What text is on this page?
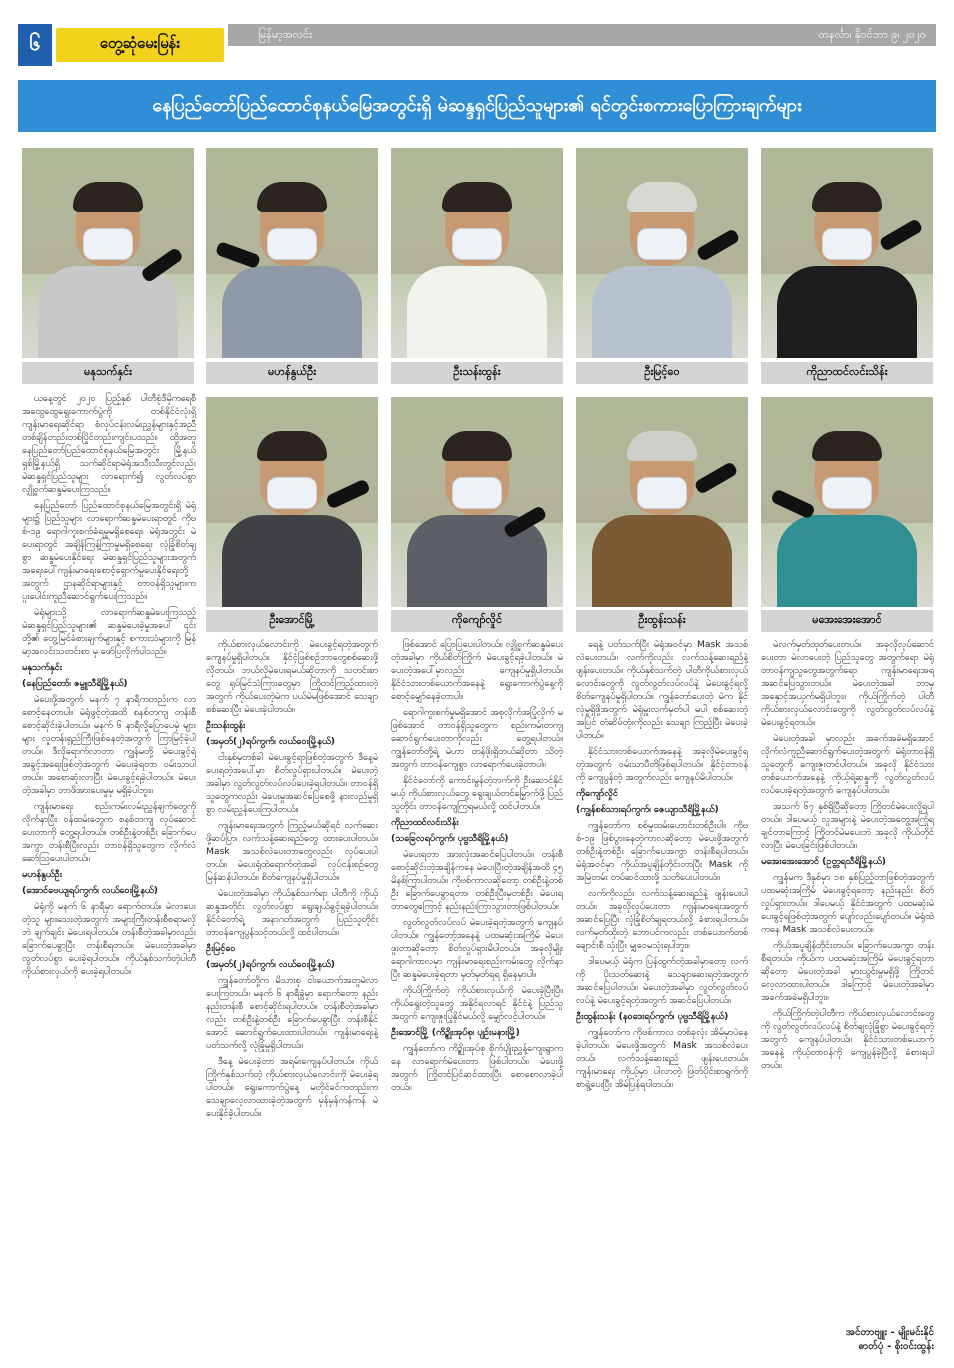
၆	တွေ့ဆုံမေးမြန်း	မြန်မာ့အလင်း	တနင်္လာ၊ နိုဝင်ဘာ ၉၊ ၂၀၂၀
နေပြည်တော်ပြည်ထောင်စုနယ်မြေအတွင်းရှိ မဲဆန္ဒရှင်ပြည်သူများ၏ ရင်တွင်းစကားပြောကြားချက်များ
မနုသက်နှင်း	မဟန်နွယ်ဦး	ဦးသန်းထွန်း	ဦးမြင့်ဝေ	ကိုညာထင်လင်းသိန်း
ဦးအောင်မြို့	ကိုကျော်လှိုင်	ဦးထွန်းသန်း	မအေးအေးအောင်

ယနေ့တွင် ၂၀၂၀ ပြည့်နှစ် ပါတီစုံဒီမိုကရေစီ အထွေထွေရွေးကောက်ပွဲကို တစ်နိုင်ငံလုံးရှိ ကျန်းမာရေးဆိုင်ရာ စံလုပ်ငန်းလမ်းညွှန်များနှင့်အညီ တစ်ချိန်တည်းတစ်ပြိုင်တည်းကျင်းပသည်။ ထို့အတူ နေပြည်တော်ပြည်ထောင်စုနယ်မြေအတွင်း မြို့နယ် ရှစ်မြို့နယ်ရှိ သက်ဆိုင်ရာမဲရုံအသီးသီးတွင်လည်း မဲဆန္ဒရှင်ပြည်သူများ လာရောက်၍ လွတ်လပ်စွာ လျှို့ဝှက်ဆန္ဒမဲပေးကြသည်။

နေပြည်တော် ပြည်ထောင်စုနယ်မြေအတွင်းရှိ မဲရုံများ၌ ပြည်သူများ လာရောက်ဆန္ဒမဲပေးရာတွင် ကိုဗစ်-၁၉ ရောဂါကူးစက်ခံရမှုမရှိစေရေး၊ မဲရုံအတွင်း မဲပေးရာတွင် အချိန်ကြန့်ကြာမှုမရှိစေရေး လုံခြုံစိတ်ချစွာ ဆန္ဒမဲပေးနိုင်ရေး မဲဆန္ဒရှင်ပြည်သူများအတွက် အရေးပေါ်ကျန်းမာရေးစောင့်ရှောက်မှုပေးနိုင်ရေးတို့အတွက် ဌာနဆိုင်ရာများနှင့် တာဝန်ရှိသူများက ပူးပေါင်းကူညီဆောင်ရွက်ပေးကြသည်။

မဲရုံများသို့ လာရောက်ဆန္ဒမဲပေးကြသည့် မဲဆန္ဒရှင်ပြည်သူများ၏ ဆန္ဒမဲပေးခဲ့မှုအပေါ် ၎င်းတို့၏ တွေ့မြင်ခံစားချက်များနှင့် စကားသံများကို မြန်မာ့အလင်းသတင်းစာ မှ ဖော်ပြလိုက်ပါသည်။

မနုသက်နှင်း

(နေပြည်တော်၊ ဇမ္ဗူသီရိမြို့နယ်)

မဲပေးဖို့အတွက် မနက် ၇ နာရီကတည်းက လာစောင့်နေတာပါ။ မဲရုံဖွင့်တဲ့အထိ စနစ်တကျ တန်းစီစောင့်ဆိုင်းခဲ့ပါတယ်။ မနက် ၆ နာရီလို့ပြောပေမဲ့ များများ လူတန်းရှည်ကြီးဖြစ်နေတဲ့အတွက် ကြာမြင့်ခဲ့ပါတယ်။ ဒီလိုရောက်လာတာ ကျွန်မတို့ မဲပေးခွင့်ရဲ့ အခွင့်အရေးဖြစ်တဲ့အတွက် မဲပေးခဲ့ရတာ ဝမ်းသာပါတယ်။ အစောဆုံးလာပြီး မဲပေးခွင့်ရခဲ့ပါတယ်။ မဲပေးတဲ့အခါမှာ ဘာဖိအားပေးမှုမှ မရှိခဲ့ပါဘူး။

ကျန်းမာရေး စည်းကမ်းလမ်းညွှန်ချက်တွေကို လိုက်နာပြီး ဝန်ထမ်းတွေက စနစ်တကျ လုပ်ဆောင်ပေးတာကို တွေ့ရပါတယ်။ တစ်ဦးနဲ့တစ်ဦး ခြောက်ပေအကွာ တန်းစီပြီးလည်း တာဝန်ရှိသူတွေက လိုက်လံဆော်ဩပေးပါတယ်။

မဟန်နွယ်ဦး

(အောင်ဗေယျရပ်ကွက်၊ လယ်ဝေးမြို့နယ်)

မဲရုံကို မနက် ၆ နာရီမှာ ရောက်တယ်။ မဲလာပေးတဲ့သူ များသေးတဲ့အတွက် အများကြီးတန်းစီစရာမလိုဘဲ ချက်ချင်း မဲပေးရပါတယ်။ တန်းစီတဲ့အခါမှာလည်း ခြောက်ပေခွာပြီး တန်းစီရတယ်။ မဲပေးတဲ့အခါမှာ လွတ်လပ်စွာ ပေးခဲ့ရပါတယ်။ ကိုယ်နှစ်သက်တဲ့ပါတီ ကိုယ်စားလှယ်ကို ပေးခဲ့ရပါတယ်။

ကိုယ်စားလှယ်လောင်းကို မဲပေးခွင့်ရတဲ့အတွက် ကျေနပ်မှုရှိပါတယ်။ နိုင်ငံ့ဖြစ်စဉ်ဘာတွေစစ်ဆေးဖို့ လိုတယ်၊ ဘယ်လိုမဲပေးရမယ်ဆိုတာကို သတင်းစာတွေ ရုပ်မြင်သံကြားတွေမှာ ကြိုတင်ကြည့်ထားတဲ့အတွက် ကိုယ်ပေးတဲ့မဲက ပယ်မဲမဖြစ်အောင် သေချာစစ်ဆေးပြီး မဲပေးခဲ့ပါတယ်။

ဦးသန်းထွန်း

(အမှတ်(၂)ရပ်ကွက်၊ လယ်ဝေးမြို့နယ်)

ငါးနှစ်မှတစ်ခါ မဲပေးခွင့်ရာဖြစ်တဲ့အတွက် ဒီနေ့မဲပေးရတဲ့အပေါ်မှာ စိတ်လှုပ်ရှားပါတယ်။ မဲပေးတဲ့အခါမှာ လွတ်လွတ်လပ်လပ်ပေးခဲ့ရပါတယ်။ တာဝန်ရှိသူတွေကလည်း မဲပေးမှုအဆင်ပြေစေဖို့ နားလည်မှုရှိစွာ လမ်းညွှန်ပေးကြပါတယ်။

ကျန်းမာရေးအတွက် ကြည့်မယ်ဆိုရင် လက်ဆေးဖို့ဆပ်ပြာ၊ လက်သန့်ဆေးရည်တွေ ထားပေးပါတယ်။ Mask အသစ်လဲပေးတာတွေလည်း လုပ်ပေးပါတယ်။ မဲပေးရုံထဲရောက်တဲ့အခါ လုပ်ငန်းစဉ်တွေ မြန်ဆန်ပါတယ်။ စိတ်ကျေနပ်မှုရှိပါတယ်။

မဲပေးတဲ့အခါမှာ ကိုယ်နှစ်သက်ရာ ပါတီကို ကိုယ့်ဆန္ဒအတိုင်း လွတ်လပ်စွာ ရွေးချယ်ခွင့်ရခဲ့ပါတယ်။ နိုင်ငံတော်ရဲ့ အနာဂတ်အတွက် ပြည်သူတိုင်း တာဝန်ကျေပွန်သင့်တယ်လို့ ထင်ပါတယ်။

ဦးမြင့်ဝေ

(အမှတ်(၂)ရပ်ကွက်၊ လယ်ဝေးမြို့နယ်)

ကျွန်တော်တို့က မိသားစု ငါးယောက်အတူမဲလာပေးကြတယ်။ မနက် ၆ နာရီခွဲမှာ ရောက်တော့ နည်းနည်းတန်းစီ စောင့်ဆိုင်းရပါတယ်။ တန်းစီတဲ့အခါမှာလည်း တစ်ဦးနဲ့တစ်ဦး ခြောက်ပေခွာပြီး တန်းစီနိုင်အောင် ဆောင်ရွက်ပေးထားပါတယ်။ ကျန်းမာရေးနဲ့ ပတ်သက်လို့ လုံခြုံမှုရှိပါတယ်။

ဒီနေ့ မဲပေးခဲ့တာ အရမ်းကျေနပ်ပါတယ်။ ကိုယ်ကြိုက်နှစ်သက်တဲ့ ကိုယ်စားလှယ်လောင်းကို မဲပေးခဲ့ရပါတယ်။ ရွေးကောက်ပွဲနေ့ မတိုင်ခင်ကတည်းက သေချာလေ့လာထားခဲ့တဲ့အတွက် မှန်မှန်ကန်ကန် မဲပေးနိုင်ခဲ့ပါတယ်။

ဖြစ်အောင် ပြောပြပေးပါတယ်။ လျှို့ဝှက်ဆန္ဒမဲပေးတဲ့အခါမှာ ကိုယ်စိတ်ကြိုက် မဲပေးခွင့်ရခဲ့ပါတယ်။ မဲပေးတဲ့အပေါ်မှာလည်း ကျေနပ်မှုရှိပါတယ်။ နိုင်ငံသားတစ်ယောက်အနေနဲ့ ရွေးကောက်ပွဲနေ့ကို စောင့်မျှော်နေခဲ့တာပါ။

ရောဂါကူးစက်မှုမရှိအောင် အစုလိုက်အပြုံလိုက် မဖြစ်အောင် တာဝန်ရှိသူတွေက စည်းကမ်းတကျ ဆောင်ရွက်ပေးတာကိုလည်း တွေ့ရပါတယ်။ ကျွန်တော်တို့ရဲ့ မဲဟာ တန်ဖိုးရှိတယ်ဆိုတာ သိတဲ့အတွက် တာဝန်ကျေစွာ လာရောက်ပေးခဲ့တာပါ။

နိုင်ငံတော်ကို ကောင်းမွန်တဲ့ဘက်ကို ဦးဆောင်နိုင်မယ့် ကိုယ်စားလှယ်တွေ ရွေးချယ်တင်မြှောက်ဖို့ ပြည်သူတိုင်း တာဝန်ကျေကြရမယ်လို့ ထင်ပါတယ်။

ကိုညာထင်လင်းသိန်း

(သခြေလရပ်ကွက်၊ ပုဗ္ဗသီရိမြို့နယ်)

မဲပေးရတာ အားလုံးအဆင်ပြေပါတယ်။ တန်းစီစောင့်ဆိုင်းတဲ့အချိန်ကနေ မဲပေးပြီးတဲ့အချိန်အထိ ၄၅ မိနစ်ကြာပါတယ်။ ကိုဗစ်ကာလဆိုတော့ တစ်ဦးနဲ့တစ်ဦး ခြောက်ပေခွာရတာ၊ တစ်ဦးပြီးမှတစ်ဦး မဲပေးရတာတွေကြောင့် နည်းနည်းကြာသွားတာဖြစ်ပါတယ်။

လွတ်လွတ်လပ်လပ် မဲပေးခဲ့ရတဲ့အတွက် ကျေနပ်ပါတယ်။ ကျွန်တော့်အနေနဲ့ ပထမဆုံးအကြိမ် မဲပေးဖူးတာဆိုတော့ စိတ်လှုပ်ရှားမိပါတယ်။ အခုလိုမျိုး ရောဂါကာလမှာ ကျန်းမာရေးစည်းကမ်းတွေ လိုက်နာပြီး ဆန္ဒမဲပေးခဲ့ရတာ မှတ်မှတ်ရရ ရှိနေမှာပါ။

ကိုယ်ကြိုက်တဲ့ ကိုယ်စားလှယ်ကို မဲပေးခဲ့ပြီးပြီ။ ကိုယ်ရွေးတဲ့သူတွေ အနိုင်ရလာရင် နိုင်ငံနဲ့ ပြည်သူအတွက် ကျေးဇူးပြုနိုင်မယ်လို့ မျှော်လင့်ပါတယ်။

ဦးအောင်မြို့ (ကိဉ္စိုးအုပ်စု၊ ပျဉ်းမနားမြို့)

ကျွန်တော်က ကိဉ္စိုးအုပ်စု စိုက်ပျိုးညွှန့်ကျေးရွာကနေ လာရောက်မဲပေးတာ ဖြစ်ပါတယ်။ မဲပေးဖို့အတွက် ကြိုတင်ပြင်ဆင်ထားပြီး စောစောလာခဲ့ပါတယ်။

ရေနဲ့ ပတ်သက်ပြီး မဲရုံအဝင်မှာ Mask အသစ်လဲပေးတယ်။ လက်ကိုလည်း လက်သန့်ဆေးရည်နဲ့ ဖျန်းပေးတယ်။ ကိုယ်နှစ်သက်တဲ့ ပါတီကိုယ်စားလှယ်လောင်းတွေကို လွတ်လွတ်လပ်လပ်နဲ့ မဲပေးခွင့်ရလို့ စိတ်ကျေနပ်မှုရှိပါတယ်။ ကျွန်တော်ပေးတဲ့ မဲက နိုင်လုံမှုရှိဖို့အတွက် မဲရုံမှူးလက်မှတ်ပါ မပါ စစ်ဆေးတဲ့အပြင် တံဆိပ်တုံးကိုလည်း သေချာ ကြည့်ပြီး မဲပေးခဲ့ပါတယ်။

နိုင်ငံသားတစ်ယောက်အနေနဲ့ အခုလိုမဲပေးခွင့်ရတဲ့အတွက် ဝမ်းသာပီတိဖြစ်ရပါတယ်။ နိုင်ငံ့တာဝန်ကို ကျေပွန်တဲ့ အတွက်လည်း ကျေနပ်မိပါတယ်။

ကိုကျော်လှိုင်

(ကျွန်စစ်သားရပ်ကွက်၊ ဇေယျာသီရိမြို့နယ်)

ကျွန်တော်က စစ်မှုထမ်းဟောင်းတစ်ဦးပါ။ ကိုဗစ်-၁၉ ဖြစ်ပွားနေတဲ့ကာလဆိုတော့ မဲပေးဖို့အတွက် တစ်ဦးနဲ့တစ်ဦး ခြောက်ပေအကွာ တန်းစီရပါတယ်။ မဲရုံအဝင်မှာ ကိုယ်အပူချိန်တိုင်းတာပြီး Mask ကို အမြဲတမ်း တပ်ဆင်ထားဖို့ သတိပေးပါတယ်။

လက်ကိုလည်း လက်သန့်ဆေးရည်နဲ့ ဖျန်းပေးပါတယ်။ အခုလိုလုပ်ပေးတာ ကျန်းမာရေးအတွက် အဆင်ပြေပြီး လုံခြုံစိတ်ချရတယ်လို့ ခံစားရပါတယ်။ လက်မှတ်ထိုးတဲ့ ဘောပင်ကလည်း တစ်ယောက်တစ်ချောင်းစီ သုံးပြီး မျှဝေမသုံးရပါဘူး။

ဒါပေမယ့် မဲရုံက ပြန်ထွက်တဲ့အခါမှာတော့ လက်ကို ပိုးသတ်ဆေးနဲ့ သေချာဆေးရတဲ့အတွက် အဆင်ပြေပါတယ်။ မဲပေးတဲ့အခါမှာ လွတ်လွတ်လပ်လပ်နဲ့ မဲပေးခွင့်ရတဲ့အတွက် အဆင်ပြေပါတယ်။

ဦးထွန်းသန်း (နဝဒေးရပ်ကွက်၊ ပုဗ္ဗသီရိမြို့နယ်)

ကျွန်တော်က ကိုဗစ်ကာလ တစ်ခုလုံး အိမ်မှာပဲနေခဲ့ပါတယ်။ မဲပေးဖို့အတွက် Mask အသစ်လဲပေးတယ်၊ လက်သန့်ဆေးရည် ဖျန်းပေးတယ်။ ကျန်းမာရေး ကိုယ့်မှာ ပါလာတဲ့ ဖြတ်ပိုင်းစာရွက်ကို စာရွဲ့ပေးပြီး အိမ်ပြန်ရပါတယ်။

မဲလက်မှတ်ထုတ်ပေးတယ်။ အခုလိုလုပ်ဆောင်ပေးတာ မဲလာပေးတဲ့ ပြည်သူတွေ အတွက်ရော မဲရုံတာဝန်ကျသူတွေအတွက်ရော ကျန်းမာရေးအရ အဆင်ပြေသွားတယ်။ မဲပေးတဲ့အခါ ဘာမှအနှောင့်အယှက်မရှိပါဘူး။ ကိုယ်ကြိုက်တဲ့ ပါတီကိုယ်စားလှယ်လောင်းတွေကို လွတ်လွတ်လပ်လပ်နဲ့ မဲပေးခွင့်ရတယ်။

မဲပေးတဲ့အခါ မှာလည်း အခက်အခဲမရှိအောင် လိုက်လံကူညီဆောင်ရွက်ပေးတဲ့အတွက် မဲရုံတာဝန်ရှိသူတွေကို ကျေးဇူးတင်ပါတယ်။ အခုလို နိုင်ငံသားတစ်ယောက်အနေနဲ့ ကိုယ့်ရဲ့ဆန္ဒကို လွတ်လွတ်လပ်လပ်ပေးခဲ့ရတဲ့အတွက် ကျေနပ်ပါတယ်။

အသက် ၆၇ နှစ်ရှိပြီဆိုတော့ ကြိုတင်မဲပေးလို့ရပါတယ်။ ဒါပေမယ့် လူအများနဲ့ မဲပေးတဲ့အတွေ့အကြုံရချင်တာကြောင့် ကြိုတင်မဲမပေးဘဲ အခုလို ကိုယ်တိုင်လာပြီး မဲပေးခြင်းဖြစ်ပါတယ်။

မအေးအေးအောင် (ဥတ္တရသီရိမြို့နယ်)

ကျွန်မက ဒီနှစ်မှာ ၁၈ နှစ်ပြည့်တာဖြစ်တဲ့အတွက် ပထမဆုံးအကြိမ် မဲပေးခွင့်ရတော့ နည်းနည်း စိတ်လှုပ်ရှားတယ်။ ဒါပေမယ့် နိုင်ငံအတွက် ပထမဆုံးမဲပေးခွင့်ရဖြစ်တဲ့အတွက် ပျော်လည်းပျော်တယ်။ မဲရုံထဲကနေ Mask အသစ်လဲပေးတယ်။

ကိုယ်အပူချိန်တိုင်းတယ်။ ခြောက်ပေအကွာ တန်းစီရတယ်။ ကိုယ်က ပထမဆုံးအကြိမ် မဲပေးခွင့်ရတာဆိုတော့ မဲပေးတဲ့အခါ မှားယွင်းမှုမရှိဖို့ ကြိုတင်လေ့လာထားပါတယ်။ ဒါကြောင့် မဲပေးတဲ့အခါမှာ အခက်အခဲမရှိပါဘူး။

ကိုယ်ကြိုက်တဲ့ပါတီက ကိုယ်စားလှယ်လောင်းတွေကို လွတ်လွတ်လပ်လပ်နဲ့ စိတ်ချလုံခြုံစွာ မဲပေးခွင့်ရတဲ့အတွက် ကျေနပ်ပါတယ်။ နိုင်ငံသားတစ်ယောက်အနေနဲ့ ကိုယ့်တာဝန်ကို ကျေပွန်ခဲ့ပြီလို့ ခံစားရပါတယ်။

အင်တာဗျူး - မျိုးမင်းနိုင်
ဓာတ်ပုံ - စိုးဝင်းထွန်း
